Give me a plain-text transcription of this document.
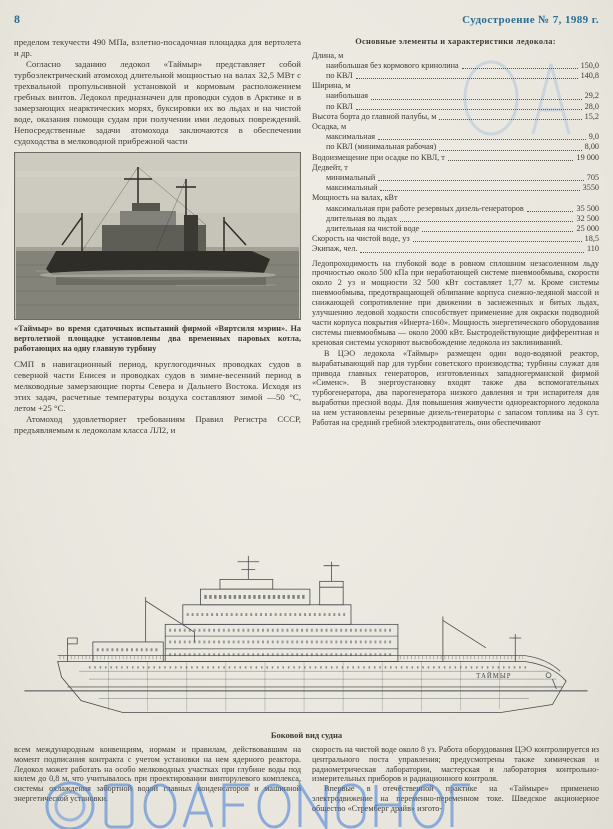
8	Судостроение № 7, 1989 г.

пределом текучести 490 МПа, взлетно-посадочная площадка для вертолета и др.

Согласно заданию ледокол «Таймыр» представляет собой турбоэлектрический атомоход длительной мощностью на валах 32,5 МВт с трехвальной пропульсивной установкой и кормовым расположением гребных винтов. Ледокол предназначен для проводки судов в Арктике и в замерзающих неарктических морях, буксировки их во льдах и на чистой воде, оказания помощи судам при получении ими ледовых повреждений. Непосредственные задачи атомохода заключаются в обеспечении судоходства в мелководной прибрежной части

«Таймыр» во время сдаточных испытаний фирмой «Вяртсиля мэрин». На вертолетной площадке установлены два временных паровых котла, работающих на одну главную турбину

СМП в навигационный период, круглогодичных проводках судов в северной части Енисея и проводках судов в зимне-весенний период в мелководные замерзающие порты Севера и Дальнего Востока. Исходя из этих задач, расчетные температуры воздуха составляют зимой —50 °С, летом +25 °С.

Атомоход удовлетворяет требованиям Правил Регистра СССР, предъявляемым к ледоколам класса ЛЛ2, и

Основные элементы и характеристики ледокола:
Длина, м
наибольшая без кормового кринолина	150,0
по КВЛ	140,8
Ширина, м
наибольшая	29,2
по КВЛ	28,0
Высота борта до главной палубы, м	15,2
Осадка, м
максимальная	9,0
по КВЛ (минимальная рабочая)	8,00
Водоизмещение при осадке по КВЛ, т	19 000
Дедвейт, т
минимальный	705
максимальный	3550
Мощность на валах, кВт
максимальная при работе резервных дизель-генераторов	35 500
длительная во льдах	32 500
длительная на чистой воде	25 000
Скорость на чистой воде, уз	18,5
Экипаж, чел.	110

Ледопроходимость на глубокой воде в ровном сплошном незасоленном льду прочностью около 500 кПа при неработающей системе пневмообмыва, скорости около 2 уз и мощности 32 500 кВт составляет 1,77 м. Кроме системы пневмообмыва, предотвращающей облипание корпуса снежно-ледяной массой и снижающей сопротивление при движении в заснеженных и битых льдах, улучшению ледовой ходкости способствует применение для окраски подводной части корпуса покрытия «Инерта-160». Мощность энергетического оборудования системы пневмообмыва — около 2000 кВт. Быстродействующие дифферентная и креновая системы ускоряют высвобождение ледокола из заклиниваний.

В ЦЭО ледокола «Таймыр» размещен один водо-водяной реактор, вырабатывающий пар для турбин советского производства; турбины служат для привода главных генераторов, изготовленных западногерманской фирмой «Сименс». В энергоустановку входят также два вспомогательных турбогенератора, два парогенератора низкого давления и три испарителя для выработки пресной воды. Для повышения живучести однореакторного ледокола на нем установлены резервные дизель-генераторы с запасом топлива на 3 сут. Работая на средний гребной электродвигатель, они обеспечивают

ТАЙМЫР
Боковой вид судна

всем международным конвенциям, нормам и правилам, действовавшим на момент подписания контракта с учетом установки на нем ядерного реактора. Ледокол может работать на особо мелководных участках при глубине воды под килем до 0,8 м, что учитывалось при проектировании винторулевого комплекса, системы охлаждения забортной водой главных конденсаторов и машинной энергетической установки.

скорость на чистой воде около 8 уз. Работа оборудования ЦЭО контролируется из центрального поста управления; предусмотрены также химическая и радиометрическая лаборатории, мастерская и лаборатория контрольно-измерительных приборов и радиационного контроля.

Впервые в отечественной практике на «Таймыре» применено электродвижение на переменно-переменном токе. Шведское акционерное общество «Стремберг драйв» изгото-
